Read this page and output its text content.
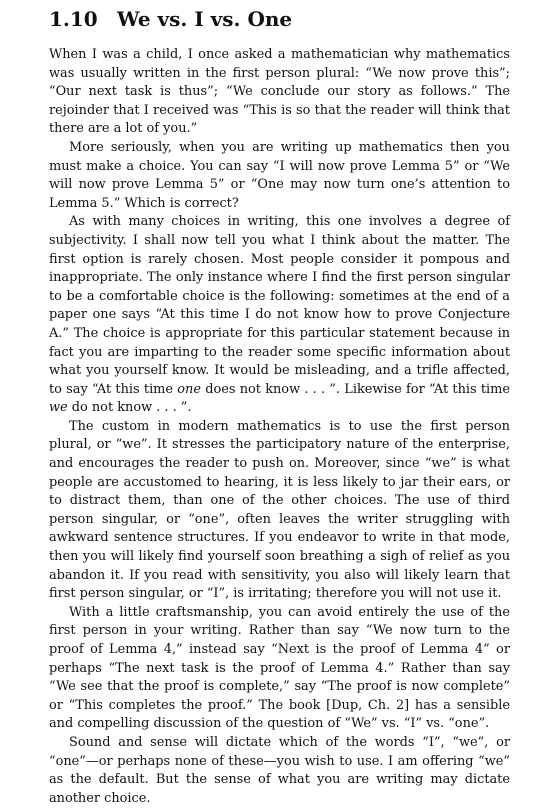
1.10 We vs. I vs. One

When I was a child, I once asked a mathematician why mathematics was usually written in the first person plural: “We now prove this”; “Our next task is thus”; “We conclude our story as follows.” The rejoinder that I received was “This is so that the reader will think that there are a lot of you.”

More seriously, when you are writing up mathematics then you must make a choice. You can say “I will now prove Lemma 5” or “We will now prove Lemma 5” or “One may now turn one’s attention to Lemma 5.” Which is correct?

As with many choices in writing, this one involves a degree of subjectivity. I shall now tell you what I think about the matter. The first option is rarely chosen. Most people consider it pompous and inappropriate. The only instance where I find the first person singular to be a comfortable choice is the following: sometimes at the end of a paper one says “At this time I do not know how to prove Conjecture A.” The choice is appropriate for this particular statement because in fact you are imparting to the reader some specific information about what you yourself know. It would be misleading, and a trifle affected, to say “At this time one does not know . . . ”. Likewise for “At this time we do not know . . . ”.

The custom in modern mathematics is to use the first person plural, or “we”. It stresses the participatory nature of the enterprise, and encourages the reader to push on. Moreover, since “we” is what people are accustomed to hearing, it is less likely to jar their ears, or to distract them, than one of the other choices. The use of third person singular, or “one”, often leaves the writer struggling with awkward sentence structures. If you endeavor to write in that mode, then you will likely find yourself soon breathing a sigh of relief as you abandon it. If you read with sensitivity, you also will likely learn that first person singular, or “I”, is irritating; therefore you will not use it.

With a little craftsmanship, you can avoid entirely the use of the first person in your writing. Rather than say “We now turn to the proof of Lemma 4,” instead say “Next is the proof of Lemma 4” or perhaps “The next task is the proof of Lemma 4.” Rather than say “We see that the proof is complete,” say “The proof is now complete” or “This completes the proof.” The book [Dup, Ch. 2] has a sensible and compelling discussion of the question of “We” vs. “I” vs. “one”.

Sound and sense will dictate which of the words “I”, “we”, or “one”—or perhaps none of these—you wish to use. I am offering “we” as the default. But the sense of what you are writing may dictate another choice.
